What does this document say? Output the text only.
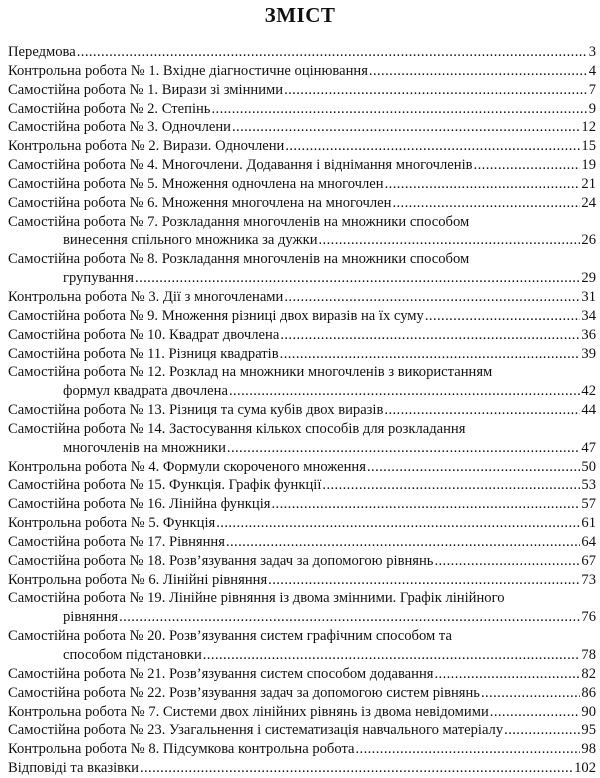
ЗМІСТ
Передмова .....	3
Контрольна робота № 1. Вхідне діагностичне оцінювання .....	4
Самостійна робота № 1. Вирази зі змінними .....	7
Самостійна робота № 2. Степінь .....	9
Самостійна робота № 3. Одночлени .....	12
Контрольна робота № 2. Вирази. Одночлени .....	15
Самостійна робота № 4. Многочлени. Додавання і віднімання многочленів .....	19
Самостійна робота № 5. Множення одночлена на многочлен .....	21
Самостійна робота № 6. Множення многочлена на многочлен .....	24
Самостійна робота № 7. Розкладання многочленів на множники способом
винесення спільного множника за дужки .....	26
Самостійна робота № 8. Розкладання многочленів на множники способом
групування .....	29
Контрольна робота № 3. Дії з многочленами .....	31
Самостійна робота № 9. Множення різниці двох виразів на їх суму .....	34
Самостійна робота № 10. Квадрат двочлена .....	36
Самостійна робота № 11. Різниця квадратів .....	39
Самостійна робота № 12. Розклад на множники многочленів з використанням
формул квадрата двочлена .....	42
Самостійна робота № 13. Різниця та сума кубів двох виразів .....	44
Самостійна робота № 14. Застосування кількох способів для розкладання
многочленів на множники .....	47
Контрольна робота № 4. Формули скороченого множення .....	50
Самостійна робота № 15. Функція. Графік функції .....	53
Самостійна робота № 16. Лінійна функція .....	57
Контрольна робота № 5. Функція .....	61
Самостійна робота № 17. Рівняння .....	64
Самостійна робота № 18. Розв’язування задач за допомогою рівнянь .....	67
Контрольна робота № 6. Лінійні рівняння .....	73
Самостійна робота № 19. Лінійне рівняння із двома змінними. Графік лінійного
рівняння .....	76
Самостійна робота № 20. Розв’язування систем графічним способом та
способом підстановки .....	78
Самостійна робота № 21. Розв’язування систем способом додавання .....	82
Самостійна робота № 22. Розв’язування задач за допомогою систем рівнянь .....	86
Контрольна робота № 7. Системи двох лінійних рівнянь із двома невідомими .....	90
Самостійна робота № 23. Узагальнення і систематизація навчального матеріалу .....	95
Контрольна робота № 8. Підсумкова контрольна робота .....	98
Відповіді та вказівки .....	102
